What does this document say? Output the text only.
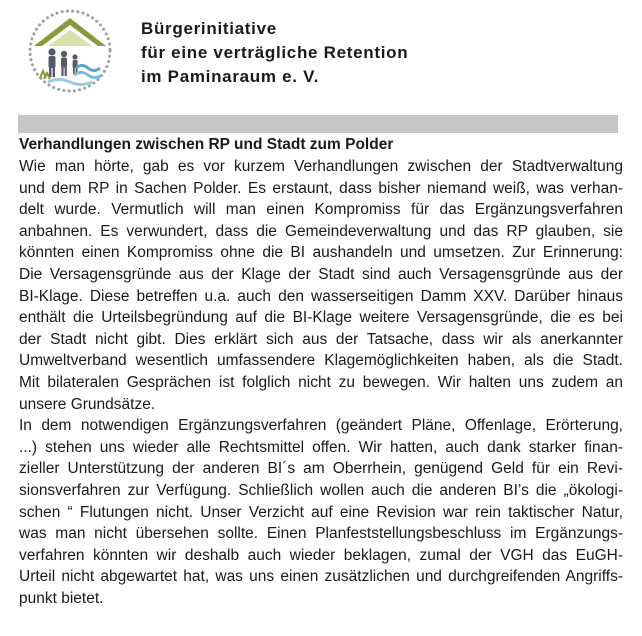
Bürgerinitiative
für eine verträgliche Retention
im Paminaraum e. V.
Verhandlungen zwischen RP und Stadt zum Polder

Wie man hörte, gab es vor kurzem Verhandlungen zwischen der Stadtverwaltung
und dem RP in Sachen Polder. Es erstaunt, dass bisher niemand weiß, was verhan-
delt wurde. Vermutlich will man einen Kompromiss für das Ergänzungsverfahren
anbahnen. Es verwundert, dass die Gemeindeverwaltung und das RP glauben, sie
könnten einen Kompromiss ohne die BI aushandeln und umsetzen. Zur Erinnerung:
Die Versagensgründe aus der Klage der Stadt sind auch Versagensgründe aus der
BI-Klage. Diese betreffen u.a. auch den wasserseitigen Damm XXV. Darüber hinaus
enthält die Urteilsbegründung auf die BI-Klage weitere Versagensgründe, die es bei
der Stadt nicht gibt. Dies erklärt sich aus der Tatsache, dass wir als anerkannter
Umweltverband wesentlich umfassendere Klagemöglichkeiten haben, als die Stadt.
Mit bilateralen Gesprächen ist folglich nicht zu bewegen. Wir halten uns zudem an
unsere Grundsätze.

In dem notwendigen Ergänzungsverfahren (geändert Pläne, Offenlage, Erörterung,
...) stehen uns wieder alle Rechtsmittel offen. Wir hatten, auch dank starker finan-
zieller Unterstützung der anderen BI´s am Oberrhein, genügend Geld für ein Revi-
sionsverfahren zur Verfügung. Schließlich wollen auch die anderen BI’s die „ökologi-
schen “ Flutungen nicht. Unser Verzicht auf eine Revision war rein taktischer Natur,
was man nicht übersehen sollte. Einen Planfeststellungsbeschluss im Ergänzungs-
verfahren könnten wir deshalb auch wieder beklagen, zumal der VGH das EuGH-
Urteil nicht abgewartet hat, was uns einen zusätzlichen und durchgreifenden Angriffs-
punkt bietet.
